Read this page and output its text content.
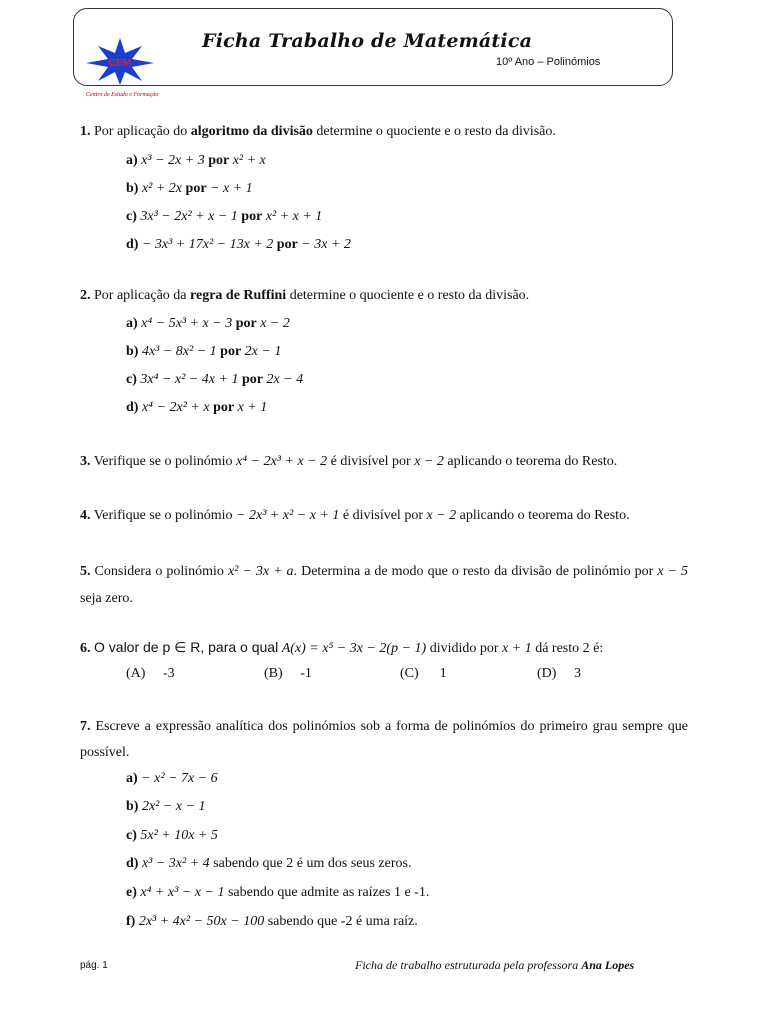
CEM
Centro de Estudo e Formação
Ficha Trabalho de Matemática
10º Ano – Polinómios
1. Por aplicação do algoritmo da divisão determine o quociente e o resto da divisão.
a) x³ − 2x + 3 por x² + x
b) x² + 2x por − x + 1
c) 3x³ − 2x² + x − 1 por x² + x + 1
d) − 3x³ + 17x² − 13x + 2 por − 3x + 2
2. Por aplicação da regra de Ruffini determine o quociente e o resto da divisão.
a) x⁴ − 5x³ + x − 3 por x − 2
b) 4x³ − 8x² − 1 por 2x − 1
c) 3x⁴ − x² − 4x + 1 por 2x − 4
d) x⁴ − 2x² + x por x + 1
3. Verifique se o polinómio x⁴ − 2x³ + x − 2 é divisível por x − 2 aplicando o teorema do Resto.
4. Verifique se o polinómio − 2x³ + x² − x + 1 é divisível por x − 2 aplicando o teorema do Resto.
5. Considera o polinómio x² − 3x + a. Determina a de modo que o resto da divisão de polinómio por x − 5 seja zero.
6. O valor de p ∈ R, para o qual A(x) = x⁵ − 3x − 2(p − 1) dividido por x + 1 dá resto 2 é:
(A) -3	(B) -1	(C) 1	(D) 3
7. Escreve a expressão analítica dos polinómios sob a forma de polinómios do primeiro grau sempre que possível.
a) − x² − 7x − 6
b) 2x² − x − 1
c) 5x² + 10x + 5
d) x³ − 3x² + 4 sabendo que 2 é um dos seus zeros.
e) x⁴ + x³ − x − 1 sabendo que admite as raízes 1 e -1.
f) 2x³ + 4x² − 50x − 100 sabendo que -2 é uma raíz.
pág. 1	Ficha de trabalho estruturada pela professora Ana Lopes
